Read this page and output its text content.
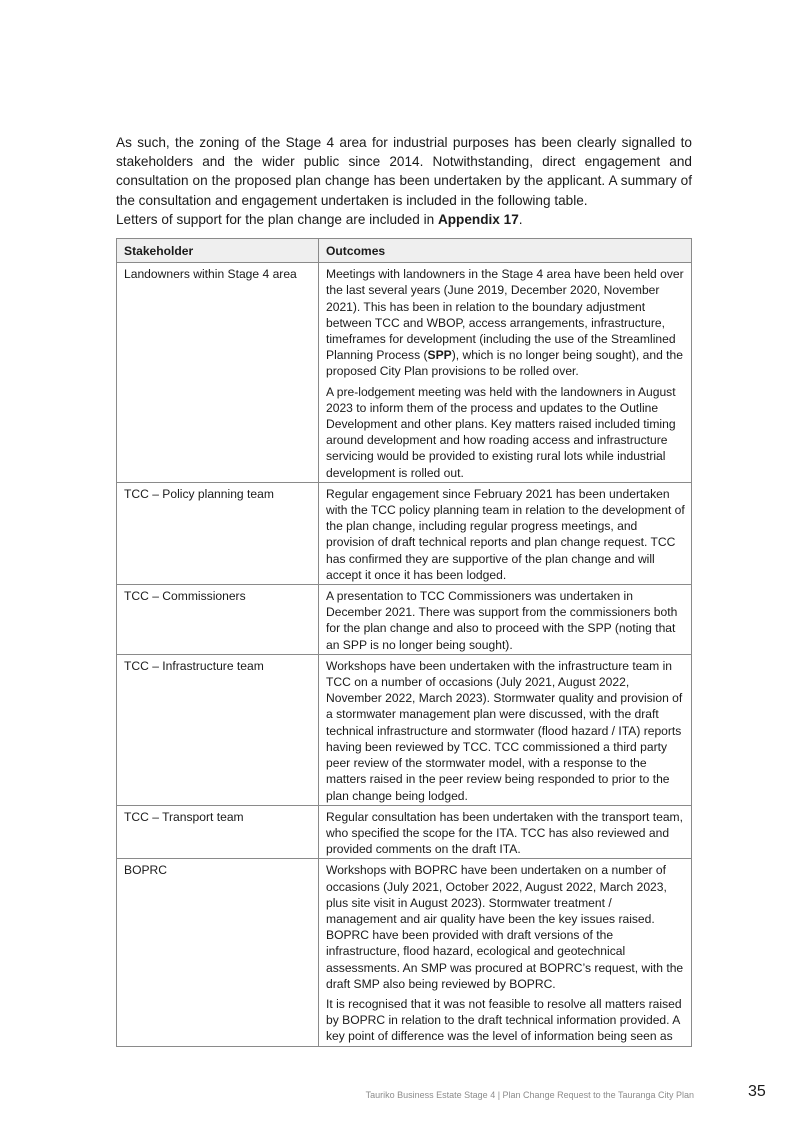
As such, the zoning of the Stage 4 area for industrial purposes has been clearly signalled to stakeholders and the wider public since 2014. Notwithstanding, direct engagement and consultation on the proposed plan change has been undertaken by the applicant. A summary of the consultation and engagement undertaken is included in the following table.

Letters of support for the plan change are included in Appendix 17.

Stakeholder	Outcomes
Landowners within Stage 4 area	Meetings with landowners in the Stage 4 area have been held over the last several years (June 2019, December 2020, November 2021). This has been in relation to the boundary adjustment between TCC and WBOP, access arrangements, infrastructure, timeframes for development (including the use of the Streamlined Planning Process (SPP), which is no longer being sought), and the proposed City Plan provisions to be rolled over.

A pre-lodgement meeting was held with the landowners in August 2023 to inform them of the process and updates to the Outline Development and other plans. Key matters raised included timing around development and how roading access and infrastructure servicing would be provided to existing rural lots while industrial development is rolled out.

TCC – Policy planning team	Regular engagement since February 2021 has been undertaken with the TCC policy planning team in relation to the development of the plan change, including regular progress meetings, and provision of draft technical reports and plan change request. TCC has confirmed they are supportive of the plan change and will accept it once it has been lodged.

TCC – Commissioners	A presentation to TCC Commissioners was undertaken in December 2021. There was support from the commissioners both for the plan change and also to proceed with the SPP (noting that an SPP is no longer being sought).

TCC – Infrastructure team	Workshops have been undertaken with the infrastructure team in TCC on a number of occasions (July 2021, August 2022, November 2022, March 2023). Stormwater quality and provision of a stormwater management plan were discussed, with the draft technical infrastructure and stormwater (flood hazard / ITA) reports having been reviewed by TCC. TCC commissioned a third party peer review of the stormwater model, with a response to the matters raised in the peer review being responded to prior to the plan change being lodged.

TCC – Transport team	Regular consultation has been undertaken with the transport team, who specified the scope for the ITA. TCC has also reviewed and provided comments on the draft ITA.

BOPRC	Workshops with BOPRC have been undertaken on a number of occasions (July 2021, October 2022, August 2022, March 2023, plus site visit in August 2023). Stormwater treatment / management and air quality have been the key issues raised. BOPRC have been provided with draft versions of the infrastructure, flood hazard, ecological and geotechnical assessments. An SMP was procured at BOPRC’s request, with the draft SMP also being reviewed by BOPRC.

It is recognised that it was not feasible to resolve all matters raised by BOPRC in relation to the draft technical information provided. A key point of difference was the level of information being seen as

Tauriko Business Estate Stage 4 | Plan Change Request to the Tauranga City Plan	35
